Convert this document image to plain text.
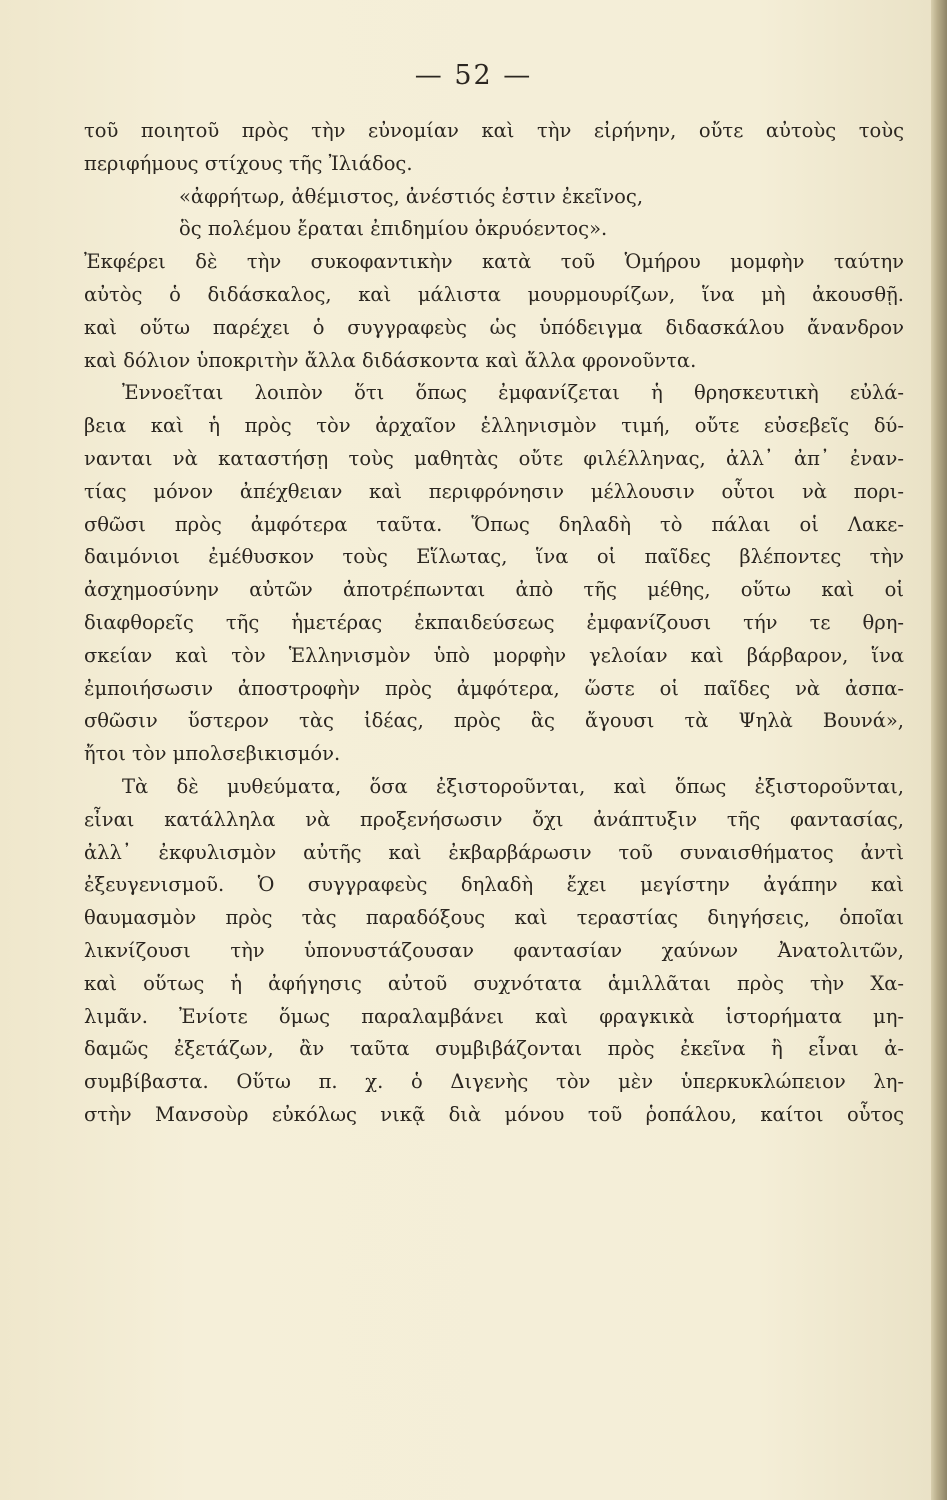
— 52 —
τοῦ ποιητοῦ πρὸς τὴν εὐνομίαν καὶ τὴν εἰρήνην, οὔτε αὐτοὺς τοὺς
περιφήμους στίχους τῆς Ἰλιάδος.
«ἀφρήτωρ, ἀθέμιστος, ἀνέστιός ἐστιν ἐκεῖνος,
ὃς πολέμου ἔραται ἐπιδημίου ὀκρυόεντος».
Ἐκφέρει δὲ τὴν συκοφαντικὴν κατὰ τοῦ Ὁμήρου μομφὴν ταύτην
αὐτὸς ὁ διδάσκαλος, καὶ μάλιστα μουρμουρίζων, ἵνα μὴ ἀκουσθῇ.
καὶ οὕτω παρέχει ὁ συγγραφεὺς ὡς ὑπόδειγμα διδασκάλου ἄνανδρον
καὶ δόλιον ὑποκριτὴν ἄλλα διδάσκοντα καὶ ἄλλα φρονοῦντα.
Ἐννοεῖται λοιπὸν ὅτι ὅπως ἐμφανίζεται ἡ θρησκευτικὴ εὐλά-
βεια καὶ ἡ πρὸς τὸν ἀρχαῖον ἑλληνισμὸν τιμή, οὔτε εὐσεβεῖς δύ-
νανται νὰ καταστήσῃ τοὺς μαθητὰς οὔτε φιλέλληνας, ἀλλ᾽ ἀπ᾽ ἐναν-
τίας μόνον ἀπέχθειαν καὶ περιφρόνησιν μέλλουσιν οὗτοι νὰ πορι-
σθῶσι πρὸς ἀμφότερα ταῦτα. Ὅπως δηλαδὴ τὸ πάλαι οἱ Λακε-
δαιμόνιοι ἐμέθυσκον τοὺς Εἵλωτας, ἵνα οἱ παῖδες βλέποντες τὴν
ἀσχημοσύνην αὐτῶν ἀποτρέπωνται ἀπὸ τῆς μέθης, οὕτω καὶ οἱ
διαφθορεῖς τῆς ἡμετέρας ἐκπαιδεύσεως ἐμφανίζουσι τήν τε θρη-
σκείαν καὶ τὸν Ἑλληνισμὸν ὑπὸ μορφὴν γελοίαν καὶ βάρβαρον, ἵνα
ἐμποιήσωσιν ἀποστροφὴν πρὸς ἀμφότερα, ὥστε οἱ παῖδες νὰ ἀσπα-
σθῶσιν ὕστερον τὰς ἰδέας, πρὸς ἃς ἄγουσι τὰ Ψηλὰ Βουνά»,
ἤτοι τὸν μπολσεβικισμόν.
Τὰ δὲ μυθεύματα, ὅσα ἐξιστοροῦνται, καὶ ὅπως ἐξιστοροῦνται,
εἶναι κατάλληλα νὰ προξενήσωσιν ὄχι ἀνάπτυξιν τῆς φαντασίας,
ἀλλ᾽ ἐκφυλισμὸν αὐτῆς καὶ ἐκβαρβάρωσιν τοῦ συναισθήματος ἀντὶ
ἐξευγενισμοῦ. Ὁ συγγραφεὺς δηλαδὴ ἔχει μεγίστην ἀγάπην καὶ
θαυμασμὸν πρὸς τὰς παραδόξους καὶ τεραστίας διηγήσεις, ὁποῖαι
λικνίζουσι τὴν ὑπονυστάζουσαν φαντασίαν χαύνων Ἀνατολιτῶν,
καὶ οὕτως ἡ ἀφήγησις αὐτοῦ συχνότατα ἁμιλλᾶται πρὸς τὴν Χα-
λιμᾶν. Ἐνίοτε ὅμως παραλαμβάνει καὶ φραγκικὰ ἱστορήματα μη-
δαμῶς ἐξετάζων, ἂν ταῦτα συμβιβάζονται πρὸς ἐκεῖνα ἢ εἶναι ἀ-
συμβίβαστα. Οὕτω π. χ. ὁ Διγενὴς τὸν μὲν ὑπερκυκλώπειον λη-
στὴν Μανσοὺρ εὐκόλως νικᾷ διὰ μόνου τοῦ ῥοπάλου, καίτοι οὗτος
